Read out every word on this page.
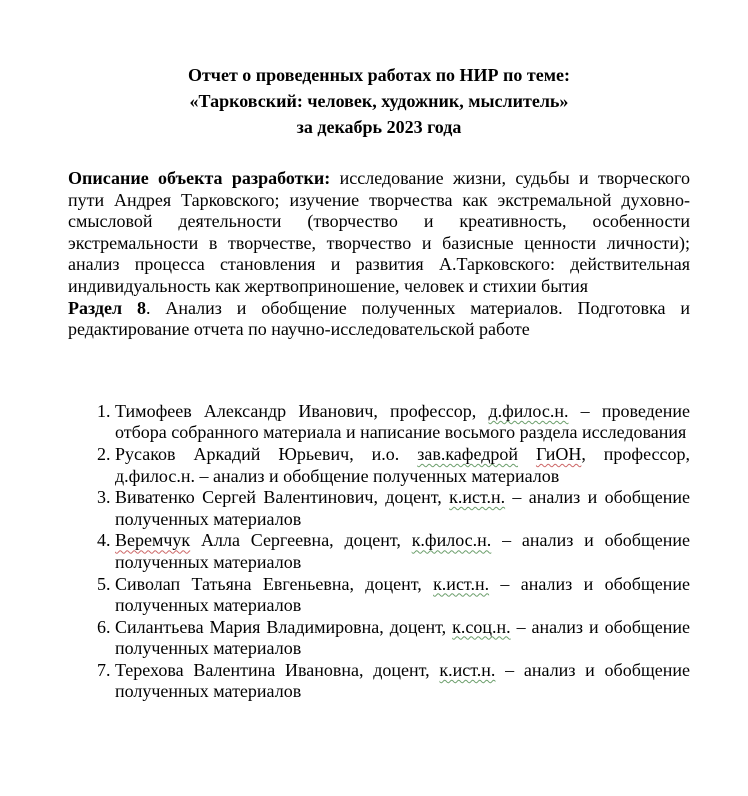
Отчет о проведенных работах по НИР по теме:
«Тарковский: человек, художник, мыслитель»
за декабрь 2023 года

Описание объекта разработки: исследование жизни, судьбы и творческого пути Андрея Тарковского; изучение творчества как экстремальной духовно-смысловой деятельности (творчество и креативность, особенности экстремальности в творчестве, творчество и базисные ценности личности); анализ процесса становления и развития А.Тарковского: действительная индивидуальность как жертвоприношение, человек и стихии бытия

Раздел 8. Анализ и обобщение полученных материалов. Подготовка и редактирование отчета по научно-исследовательской работе

1. Тимофеев Александр Иванович, профессор, д.филос.н. – проведение отбора собранного материала и написание восьмого раздела исследования
2. Русаков Аркадий Юрьевич, и.о. зав.кафедрой ГиОН, профессор, д.филос.н. – анализ и обобщение полученных материалов
3. Виватенко Сергей Валентинович, доцент, к.ист.н. – анализ и обобщение полученных материалов
4. Веремчук Алла Сергеевна, доцент, к.филос.н. – анализ и обобщение полученных материалов
5. Сиволап Татьяна Евгеньевна, доцент, к.ист.н. – анализ и обобщение полученных материалов
6. Силантьева Мария Владимировна, доцент, к.соц.н. – анализ и обобщение полученных материалов
7. Терехова Валентина Ивановна, доцент, к.ист.н. – анализ и обобщение полученных материалов
